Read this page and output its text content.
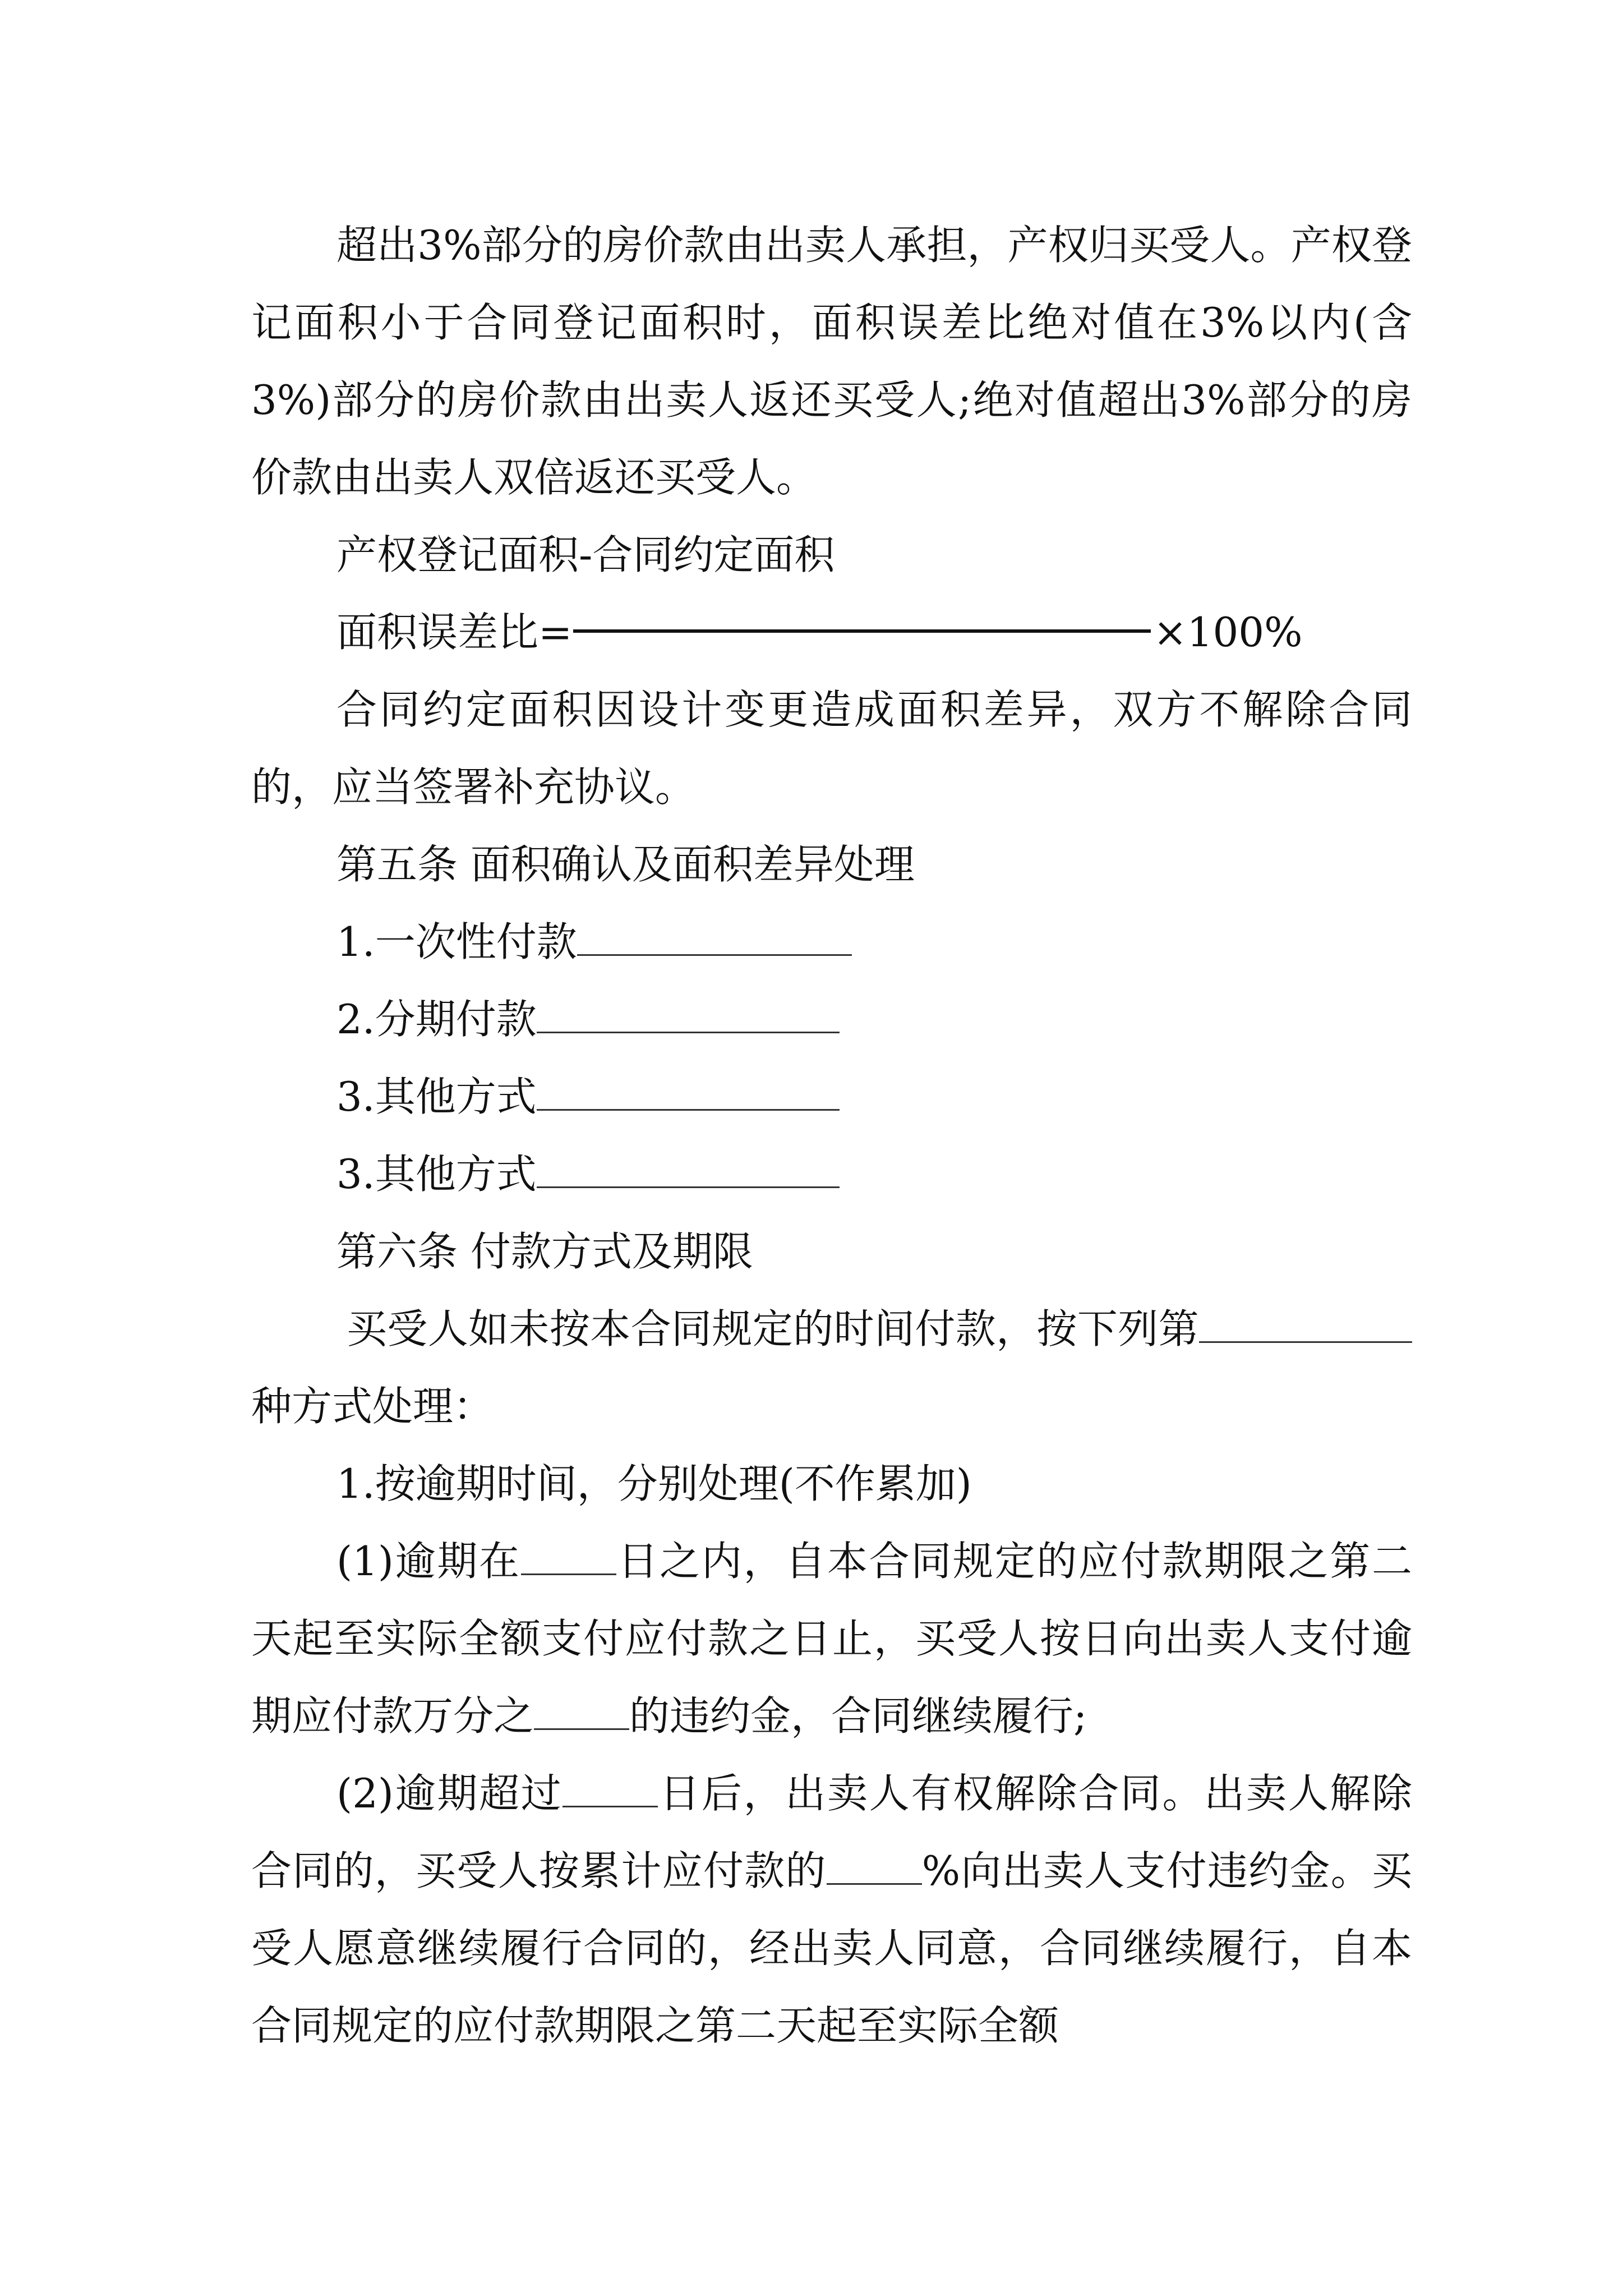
超出3%部分的房价款由出卖人承担，产权归买受人。产权登记面积小于合同登记面积时，面积误差比绝对值在3%以内(含3%)部分的房价款由出卖人返还买受人;绝对值超出3%部分的房价款由出卖人双倍返还买受人。

产权登记面积-合同约定面积

面积误差比=	×100%

合同约定面积因设计变更造成面积差异，双方不解除合同的，应当签署补充协议。

第五条 面积确认及面积差异处理

1.一次性付款

2.分期付款

3.其他方式

3.其他方式

第六条 付款方式及期限

买受人如未按本合同规定的时间付款，按下列第种方式处理：

1.按逾期时间，分别处理(不作累加)

(1)逾期在 日之内，自本合同规定的应付款期限之第二天起至实际全额支付应付款之日止，买受人按日向出卖人支付逾期应付款万分之 的违约金，合同继续履行;

(2)逾期超过 日后，出卖人有权解除合同。出卖人解除合同的，买受人按累计应付款的 %向出卖人支付违约金。买受人愿意继续履行合同的，经出卖人同意，合同继续履行，自本合同规定的应付款期限之第二天起至实际全额
